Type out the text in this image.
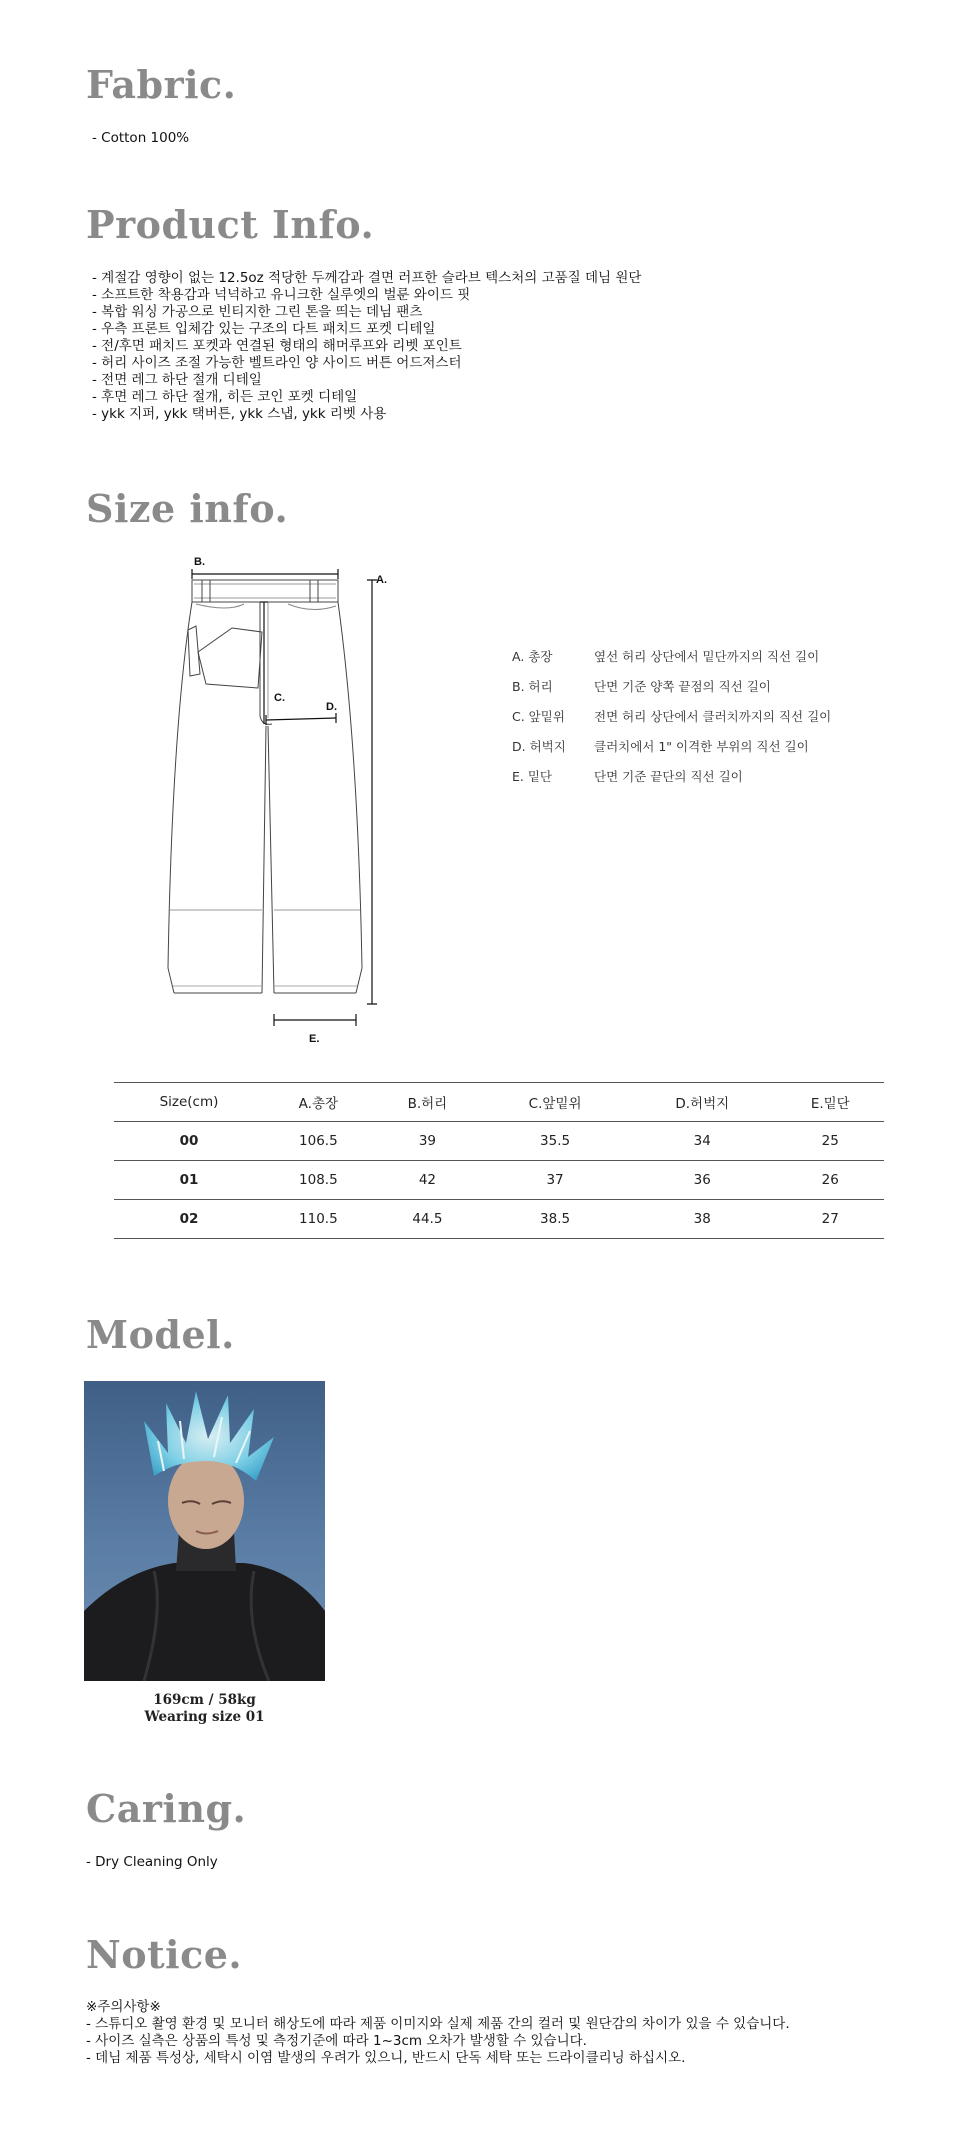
Fabric.
- Cotton 100%
Product Info.
- 계절감 영향이 없는 12.5oz 적당한 두께감과 결면 러프한 슬라브 텍스처의 고품질 데님 원단
- 소프트한 착용감과 넉넉하고 유니크한 실루엣의 벌룬 와이드 핏
- 복합 워싱 가공으로 빈티지한 그린 톤을 띄는 데님 팬츠
- 우측 프론트 입체감 있는 구조의 다트 패치드 포켓 디테일
- 전/후면 패치드 포켓과 연결된 형태의 해머루프와 리벳 포인트
- 허리 사이즈 조절 가능한 벨트라인 양 사이드 버튼 어드저스터
- 전면 레그 하단 절개 디테일
- 후면 레그 하단 절개, 히든 코인 포켓 디테일
- ykk 지퍼, ykk 택버튼, ykk 스냅, ykk 리벳 사용
Size info.
B.
A.
C.
D.
E.
A. 총장	옆선 허리 상단에서 밑단까지의 직선 길이
B. 허리	단면 기준 양쪽 끝점의 직선 길이
C. 앞밑위	전면 허리 상단에서 클러치까지의 직선 길이
D. 허벅지	클러치에서 1" 이격한 부위의 직선 길이
E. 밑단	단면 기준 끝단의 직선 길이
Size(cm)	A.총장	B.허리	C.앞밑위	D.허벅지	E.밑단
00	106.5	39	35.5	34	25
01	108.5	42	37	36	26
02	110.5	44.5	38.5	38	27
Model.
169cm / 58kg
Wearing size 01
Caring.
- Dry Cleaning Only
Notice.
※주의사항※
- 스튜디오 촬영 환경 및 모니터 해상도에 따라 제품 이미지와 실제 제품 간의 컬러 및 원단감의 차이가 있을 수 있습니다.
- 사이즈 실측은 상품의 특성 및 측정기준에 따라 1~3cm 오차가 발생할 수 있습니다.
- 데님 제품 특성상, 세탁시 이염 발생의 우려가 있으니, 반드시 단독 세탁 또는 드라이클리닝 하십시오.
